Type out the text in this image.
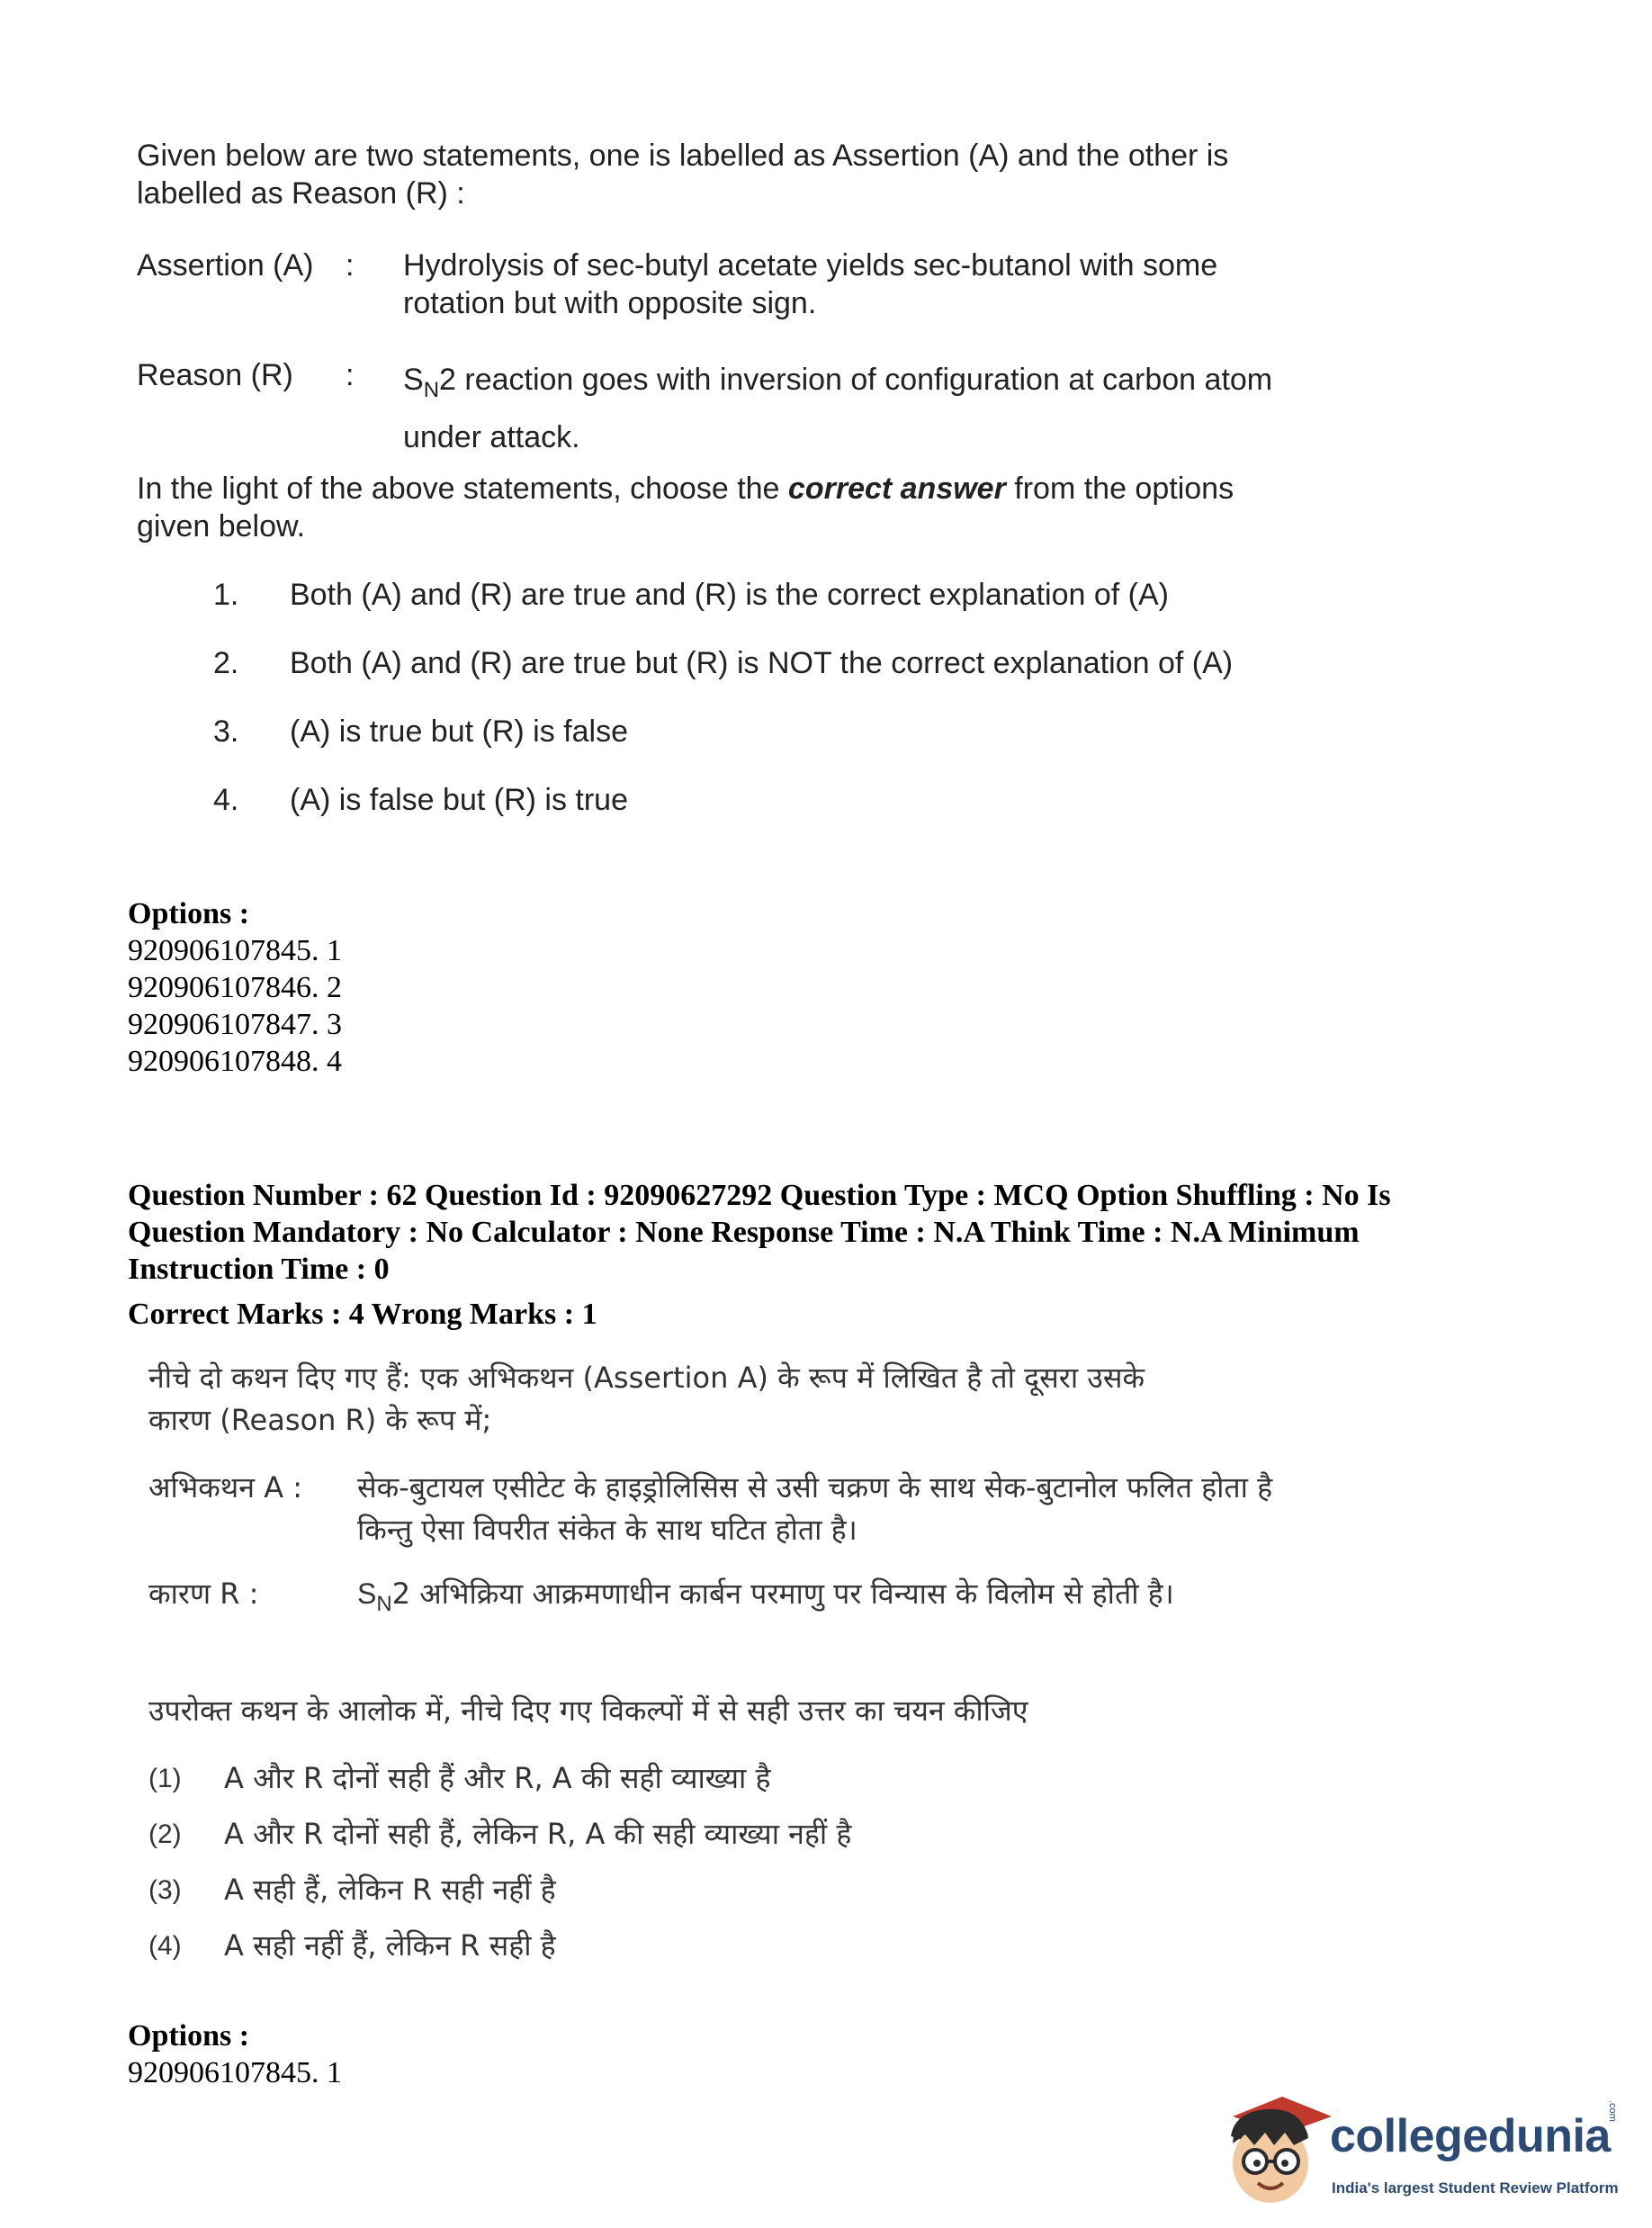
Given below are two statements, one is labelled as Assertion (A) and the other is labelled as Reason (R) :

Assertion (A)	:	Hydrolysis of sec-butyl acetate yields sec-butanol with some rotation but with opposite sign.
Reason (R)	:	$S_N2$ reaction goes with inversion of configuration at carbon atom under attack.

In the light of the above statements, choose the correct answer from the options given below.

1.	Both (A) and (R) are true and (R) is the correct explanation of (A)
2.	Both (A) and (R) are true but (R) is NOT the correct explanation of (A)
3.	(A) is true but (R) is false
4.	(A) is false but (R) is true
Options :
920906107845. 1
920906107846. 2
920906107847. 3
920906107848. 4
Question Number : 62 Question Id : 92090627292 Question Type : MCQ Option Shuffling : No Is
Question Mandatory : No Calculator : None Response Time : N.A Think Time : N.A Minimum
Instruction Time : 0
Correct Marks : 4 Wrong Marks : 1
नीचे दो कथन दिए गए हैं: एक अभिकथन (Assertion A) के रूप में लिखित है तो दूसरा उसके
कारण (Reason R) के रूप में;
अभिकथन A :	सेक-बुटायल एसीटेट के हाइड्रोलिसिस से उसी चक्रण के साथ सेक-बुटानोल फलित होता है किन्तु ऐसा विपरीत संकेत के साथ घटित होता है।
कारण R :	$S_N2$ अभिक्रिया आक्रमणाधीन कार्बन परमाणु पर विन्यास के विलोम से होती है।
उपरोक्त कथन के आलोक में, नीचे दिए गए विकल्पों में से सही उत्तर का चयन कीजिए
(1)	A और R दोनों सही हैं और R, A की सही व्याख्या है
(2)	A और R दोनों सही हैं, लेकिन R, A की सही व्याख्या नहीं है
(3)	A सही हैं, लेकिन R सही नहीं है
(4)	A सही नहीं हैं, लेकिन R सही है
Options :
920906107845. 1
collegedunia
.com
India's largest Student Review Platform
